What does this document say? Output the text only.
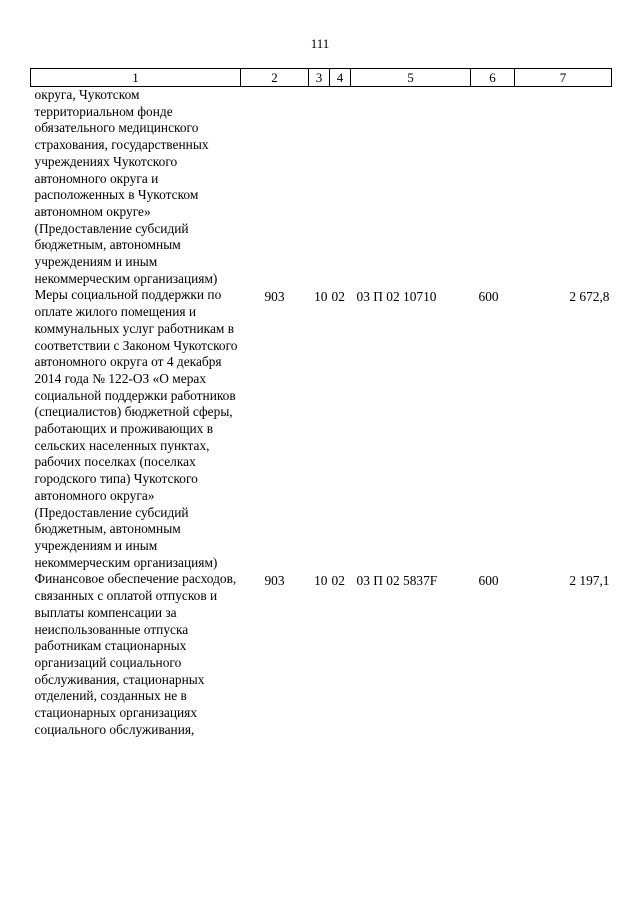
111
1	2	3	4	5	6	7
округа, Чукотском территориальном фонде обязательного медицинского страхования, государственных учреждениях Чукотского автономного округа и расположенных в Чукотском автономном округе» (Предоставление субсидий бюджетным, автономным учреждениям и иным некоммерческим организациям)						
Меры социальной поддержки по оплате жилого помещения и коммунальных услуг работникам в соответствии с Законом Чукотского автономного округа от 4 декабря 2014 года № 122-ОЗ «О мерах социальной поддержки работников (специалистов) бюджетной сферы, работающих и проживающих в сельских населенных пунктах, рабочих поселках (поселках городского типа) Чукотского автономного округа» (Предоставление субсидий бюджетным, автономным учреждениям и иным некоммерческим организациям)	903	10	02	03 П 02 10710	600	2 672,8
Финансовое обеспечение расходов, связанных с оплатой отпусков и выплаты компенсации за неиспользованные отпуска работникам стационарных организаций социального обслуживания, стационарных отделений, созданных не в стационарных организациях социального обслуживания,	903	10	02	03 П 02 5837F	600	2 197,1
